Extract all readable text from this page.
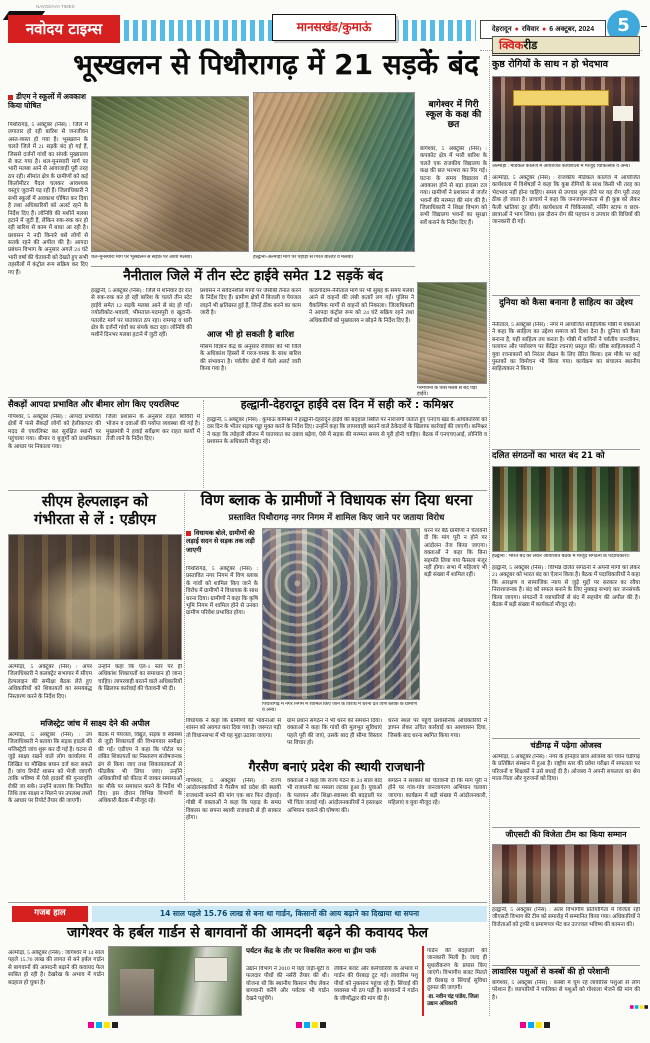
NAVODAYA TIMES
नवोदय टाइम्स	मानसखंड/कुमाऊं	देहरादून ● रविवार ● 6 अक्टूबर, 2024	5
भूस्खलन से पिथौरागढ़ में 21 सड़कें बंद
डीएम ने स्कूलों में अवकाश किया घोषित
पिथौरागढ़, 5 अक्टूबर (निस) : जिले में लगातार हो रही बारिश से जनजीवन अस्त-व्यस्त हो गया है। भूस्खलन के चलते जिले में 21 सड़कें बंद हो गई हैं, जिससे दर्जनों गांवों का संपर्क मुख्यालय से कट गया है। थल-मुनस्यारी मार्ग पर भारी मलबा आने से आवाजाही पूरी तरह ठप रही। सीमांत क्षेत्र के ग्रामीणों को कई किलोमीटर पैदल चलकर आवश्यक वस्तुएं जुटानी पड़ रही हैं। जिलाधिकारी ने सभी स्कूलों में अवकाश घोषित कर दिया है तथा अधिकारियों को अलर्ट रहने के निर्देश दिए हैं। लोनिवि की मशीनें मलबा हटाने में जुटी हैं, लेकिन रुक-रुक कर हो रही बारिश से काम में बाधा आ रही है। प्रशासन ने नदी किनारे बसे लोगों से सतर्क रहने की अपील की है। आपदा प्रबंधन विभाग के अनुसार अगले 24 घंटे भारी वर्षा की चेतावनी को देखते हुए सभी तहसीलों में कंट्रोल रूम सक्रिय कर दिए गए हैं।
थल-मुनस्यारी मार्ग पर भूस्खलन से सड़क पर आया मलबा।	हल्द्वानी-अल्मोड़ा मार्ग पर पहाड़ी से गिरते बोल्डर व मलबा।
बागेश्वर में गिरी स्कूल के कक्ष की छत
बागेश्वर, 5 अक्टूबर (निस) : कपकोट क्षेत्र में भारी बारिश के चलते एक राजकीय विद्यालय के कक्ष की छत भरभरा कर गिर गई। घटना के समय विद्यालय में अवकाश होने से बड़ा हादसा टल गया। ग्रामीणों ने प्रशासन से जर्जर भवनों की मरम्मत की मांग की है। जिलाधिकारी ने शिक्षा विभाग को सभी विद्यालय भवनों का सुरक्षा सर्वे कराने के निर्देश दिए हैं।
नैनीताल जिले में तीन स्टेट हाईवे समेत 12 सड़कें बंद
हल्द्वानी, 5 अक्टूबर (निस) : जिले में शनिवार देर रात से रुक-रुक कर हो रही बारिश के चलते तीन स्टेट हाईवे समेत 12 सड़कें मलबा आने से बंद हो गईं। ज्योलीकोट-भवाली, भीमताल-पदमपुरी व खुटानी-पतलोट मार्ग पर यातायात ठप रहा। रामगढ़ व धारी क्षेत्र के दर्जनों गांवों का संपर्क कटा रहा। लोनिवि की मशीनें दिनभर मलबा हटाने में जुटी रहीं।
प्रशासन ने संवेदनशील मार्गों पर जेसीबी तैनात करने के निर्देश दिए हैं। ग्रामीण क्षेत्रों में बिजली व पेयजल लाइनें भी क्षतिग्रस्त हुई हैं, जिन्हें ठीक करने का काम जारी है।
आज भी हो सकती है बारिश
मौसम विज्ञान केंद्र के अनुसार रविवार को भी जिले के अधिकांश हिस्सों में गरज-चमक के साथ बारिश की संभावना है। पर्वतीय क्षेत्रों में येलो अलर्ट जारी किया गया है।
काठगोदाम-नैनीताल मार्ग पर भी सुबह के समय मलबा आने से वाहनों की लंबी कतारें लग गईं। पुलिस ने वैकल्पिक मार्गों से वाहनों को निकाला। जिलाधिकारी ने आपदा कंट्रोल रूम को 24 घंटे सक्रिय रहने तथा अधिकारियों को मुख्यालय न छोड़ने के निर्देश दिए हैं।
गरमपानी के पास मलबे से बंद पड़ा हाईवे।
सैकड़ों आपदा प्रभावित और बीमार लोग किए एयरलिफ्ट
गोपेश्वर, 5 अक्टूबर (निस) : आपदा प्रभावित क्षेत्रों में फंसे सैकड़ों लोगों को हेलीकाप्टर की मदद से एयरलिफ्ट कर सुरक्षित स्थानों पर पहुंचाया गया। बीमार व बुजुर्गों को प्राथमिकता के आधार पर निकाला गया।
जिला प्रशासन के अनुसार राहत शिविरों में भोजन व दवाओं की पर्याप्त व्यवस्था की गई है। मुख्यमंत्री ने हवाई सर्वेक्षण कर राहत कार्यों में तेजी लाने के निर्देश दिए।
हल्द्वानी-देहरादून हाईवे दस दिन में सही करें : कमिश्नर
हल्द्वानी, 5 अक्टूबर (निस) : कुमाऊं कमिश्नर ने हल्द्वानी-देहरादून हाईवे की बदहाल स्थिति पर नाराजगी जताते हुए एनएच खंड के अधिकारियों को दस दिन के भीतर सड़क गड्ढा मुक्त करने के निर्देश दिए। उन्होंने कहा कि लापरवाही बरतने वाले ठेकेदारों के खिलाफ कार्रवाई की जाएगी। कमिश्नर ने कहा कि त्योहारी सीजन में यातायात का दबाव बढ़ेगा, ऐसे में सड़क की मरम्मत समय से पूरी होनी चाहिए। बैठक में एनएचएआई, लोनिवि व प्रशासन के अधिकारी मौजूद रहे।
सीएम हेल्पलाइन को
गंभीरता से लें : एडीएम
अल्मोड़ा, 5 अक्टूबर (निस) : अपर जिलाधिकारी ने कलक्ट्रेट सभागार में सीएम हेल्पलाइन की समीक्षा बैठक लेते हुए अधिकारियों को शिकायतों का समयबद्ध निस्तारण करने के निर्देश दिए।
उन्होंने कहा कि एल-1 स्तर पर ही अधिकांश शिकायतों का समाधान हो जाना चाहिए। लापरवाही बरतने वाले अधिकारियों के खिलाफ कार्रवाई की चेतावनी भी दी।
मजिस्ट्रेट जांच में साक्ष्य देने की अपील
अल्मोड़ा, 5 अक्टूबर (निस) : उप जिलाधिकारी ने बताया कि सड़क हादसे की मजिस्ट्रेटी जांच शुरू कर दी गई है। घटना से जुड़े साक्ष्य रखने वाले लोग कार्यालय में लिखित या मौखिक बयान दर्ज करा सकते हैं। जांच रिपोर्ट शासन को भेजी जाएगी ताकि भविष्य में ऐसे हादसों की पुनरावृत्ति रोकी जा सके। उन्होंने बताया कि निर्धारित तिथि तक साक्ष्य न मिलने पर उपलब्ध तथ्यों के आधार पर रिपोर्ट तैयार की जाएगी।
बैठक में पेयजल, विद्युत, सड़क व स्वास्थ्य से जुड़ी शिकायतों की विभागवार समीक्षा की गई। एडीएम ने कहा कि पोर्टल पर लंबित शिकायतों का निस्तारण संतोषजनक ढंग से किया जाए तथा शिकायतकर्ता से फीडबैक भी लिया जाए। उन्होंने अधिकारियों को फील्ड में जाकर समस्याओं का मौके पर समाधान करने के निर्देश भी दिए। इस दौरान विभिन्न विभागों के अधिकारी बैठक में मौजूद रहे।
विण ब्लाक के ग्रामीणों ने विधायक संग दिया धरना
प्रस्तावित पिथौरागढ़ नगर निगम में शामिल किए जाने पर जताया विरोध
विधायक बोले, ग्रामीणों की लड़ाई सदन से सड़क तक लड़ी जाएगी
पिथौरागढ़, 5 अक्टूबर (निस) : प्रस्तावित नगर निगम में विण ब्लाक के गांवों को शामिल किए जाने के विरोध में ग्रामीणों ने विधायक के साथ धरना दिया। ग्रामीणों ने कहा कि कृषि भूमि निगम में शामिल होने से उनका ग्रामीण परिवेश प्रभावित होगा।
धरने पर बैठे ग्रामीणों ने चेतावनी दी कि मांग पूरी न होने पर आंदोलन तेज किया जाएगा। वक्ताओं ने कहा कि बिना सहमति लिया गया फैसला मंजूर नहीं होगा। सभा में महिलाएं भी बड़ी संख्या में शामिल रहीं।
पिथौरागढ़ में नगर निगम में शामिल किए जाने के विरोध में धरना देते विण ब्लाक के ग्रामीण व अन्य।
विधायक ने कहा कि ग्रामीणों की भावनाओं से शासन को अवगत करा दिया गया है। जरूरत पड़ी तो विधानसभा में भी यह मुद्दा उठाया जाएगा।
ग्राम प्रधान संगठन ने भी धरने को समर्थन दिया। वक्ताओं ने कहा कि गांवों की मूलभूत सुविधाएं पहले पूरी की जाएं, उसके बाद ही सीमा विस्तार पर विचार हो।
धरना स्थल पर पहुंचे प्रशासनिक अधिकारियों ने ज्ञापन लेकर उचित कार्रवाई का आश्वासन दिया, जिसके बाद धरना स्थगित किया गया।
गैरसैण बनाएं प्रदेश की स्थायी राजधानी
गोपेश्वर, 5 अक्टूबर (निस) : राज्य आंदोलनकारियों ने गैरसैण को प्रदेश की स्थायी राजधानी बनाने की मांग एक बार फिर दोहराई। गोष्ठी में वक्ताओं ने कहा कि पहाड़ के समग्र विकास का सपना स्थायी राजधानी से ही साकार होगा।
वक्ताओं ने कहा कि राज्य गठन के 24 साल बाद भी राजधानी का मसला लटका हुआ है। युवाओं के पलायन और शिक्षा-स्वास्थ्य की बदहाली पर भी चिंता जताई गई। आंदोलनकारियों ने हस्ताक्षर अभियान चलाने की घोषणा की।
संगठन ने सरकार को चेतावनी दी कि मांग पूरी न होने पर गांव-गांव जनजागरण अभियान चलाया जाएगा। कार्यक्रम में बड़ी संख्या में आंदोलनकारी, महिलाएं व युवा मौजूद रहे।
गजब हाल	14 साल पहले 15.76 लाख से बना था गार्डन, किसानों की आय बढ़ाने का दिखाया था सपना
जागेश्वर के हर्बल गार्डन से बागवानों की आमदनी बढ़ने की कवायद फेल
अल्मोड़ा, 5 अक्टूबर (निस) : जागेश्वर में 14 साल पहले 15.76 लाख की लागत से बने हर्बल गार्डन से बागवानों की आमदनी बढ़ाने की कवायद फेल साबित हो रही है। देखरेख के अभाव में गार्डन बदहाल हो चुका है।
पर्यटन केंद्र के तौर पर विकसित करना था ड्रीम पार्क
उद्यान विभाग ने 2010 में यहां जड़ी-बूटी व फलदार पौधों की नर्सरी तैयार की थी। योजना थी कि स्थानीय किसान पौध लेकर बागवानी करेंगे और पर्यटक भी गार्डन देखने पहुंचेंगे।
लेकिन बजट और कर्मचारियों के अभाव में गार्डन की घेरबाड़ टूट गई। लावारिस पशु पौधों को नुकसान पहुंचा रहे हैं। सिंचाई की व्यवस्था भी ठप पड़ी है। बागवानों ने गार्डन के जीर्णोद्धार की मांग की है।
गार्डन की बदहाली की जानकारी मिली है। जल्द ही सुधारीकरण के प्रयास किए जाएंगे। विभागीय बजट मिलते ही घेरबाड़ व सिंचाई सुविधा दुरुस्त की जाएगी।
-डा. नवीन चंद्र पांडेय, जिला उद्यान अधिकारी
क्विक रीड
कुष्ठ रोगियों के साथ न हो भेदभाव
अल्मोड़ा : मेडिकल कालेज में आयोजित कार्यशाला में मौजूद चिकित्सक व अन्य।
अल्मोड़ा, 5 अक्टूबर (निस) : राजकीय मेडिकल कालेज में आयोजित कार्यशाला में विशेषज्ञों ने कहा कि कुष्ठ रोगियों के साथ किसी भी तरह का भेदभाव नहीं होना चाहिए। समय से उपचार शुरू होने पर यह रोग पूरी तरह ठीक हो जाता है। प्राचार्य ने कहा कि जनजागरूकता से ही कुष्ठ को लेकर फैली भ्रांतियां दूर होंगी। कार्यशाला में चिकित्सकों, नर्सिंग स्टाफ व छात्र-छात्राओं ने भाग लिया। इस दौरान रोग की पहचान व उपचार की विधियों की जानकारी दी गई।
दुनिया को कैसा बनाना है साहित्य का उद्देश्य
नैनीताल, 5 अक्टूबर (निस) : नगर में आयोजित साहित्यिक गोष्ठी में वक्ताओं ने कहा कि साहित्य का उद्देश्य समाज को दिशा देना है। दुनिया को कैसा बनाना है, यही साहित्य तय करता है। गोष्ठी में कवियों ने पर्वतीय जनजीवन, पलायन और पर्यावरण पर केंद्रित रचनाएं प्रस्तुत कीं। वरिष्ठ साहित्यकारों ने युवा रचनाकारों को निरंतर लेखन के लिए प्रेरित किया। इस मौके पर कई पुस्तकों का विमोचन भी किया गया। कार्यक्रम का संचालन स्थानीय साहित्यकार ने किया।
दलित संगठनों का भारत बंद 21 को
हल्द्वानी : भारत बंद को लेकर आयोजित बैठक में मौजूद संगठनों के पदाधिकारी।
हल्द्वानी, 5 अक्टूबर (निस) : विभिन्न दलित संगठनों ने अपनी मांगों को लेकर 21 अक्टूबर को भारत बंद का ऐलान किया है। बैठक में पदाधिकारियों ने कहा कि आरक्षण व सामाजिक न्याय से जुड़े मुद्दों पर सरकार का रवैया निराशाजनक है। बंद को सफल बनाने के लिए नुक्कड़ सभाएं कर जनसंपर्क किया जाएगा। संगठनों ने व्यापारियों से बंद में सहयोग की अपील की है। बैठक में बड़ी संख्या में कार्यकर्ता मौजूद रहे।
चंडीगढ़ में पढ़ेगा ओजस्व
अल्मोड़ा, 5 अक्टूबर (निस) : नगर के होनहार छात्र ओजस्व का चयन चंडीगढ़ के प्रतिष्ठित संस्थान में हुआ है। राष्ट्रीय स्तर की प्रवेश परीक्षा में सफलता पर परिजनों व शिक्षकों ने उसे बधाई दी है। ओजस्व ने अपनी सफलता का श्रेय माता-पिता और गुरुजनों को दिया।
जीएसटी की विजेता टीम का किया सम्मान
हल्द्वानी, 5 अक्टूबर (निस) : अंतर विभागीय प्रतियोगिता में विजेता रही जीएसटी विभाग की टीम को समारोह में सम्मानित किया गया। अधिकारियों ने विजेताओं को ट्राफी व प्रमाणपत्र भेंट कर उज्ज्वल भविष्य की कामना की।
लावारिस पशुओं से कस्बों की हो परेशानी
बागेश्वर, 5 अक्टूबर (निस) : कस्बों में घूम रहे लावारिस पशुओं से लोग परेशान हैं। व्यापारियों ने पालिका से पशुओं को गोशाला भेजने की मांग की है।
